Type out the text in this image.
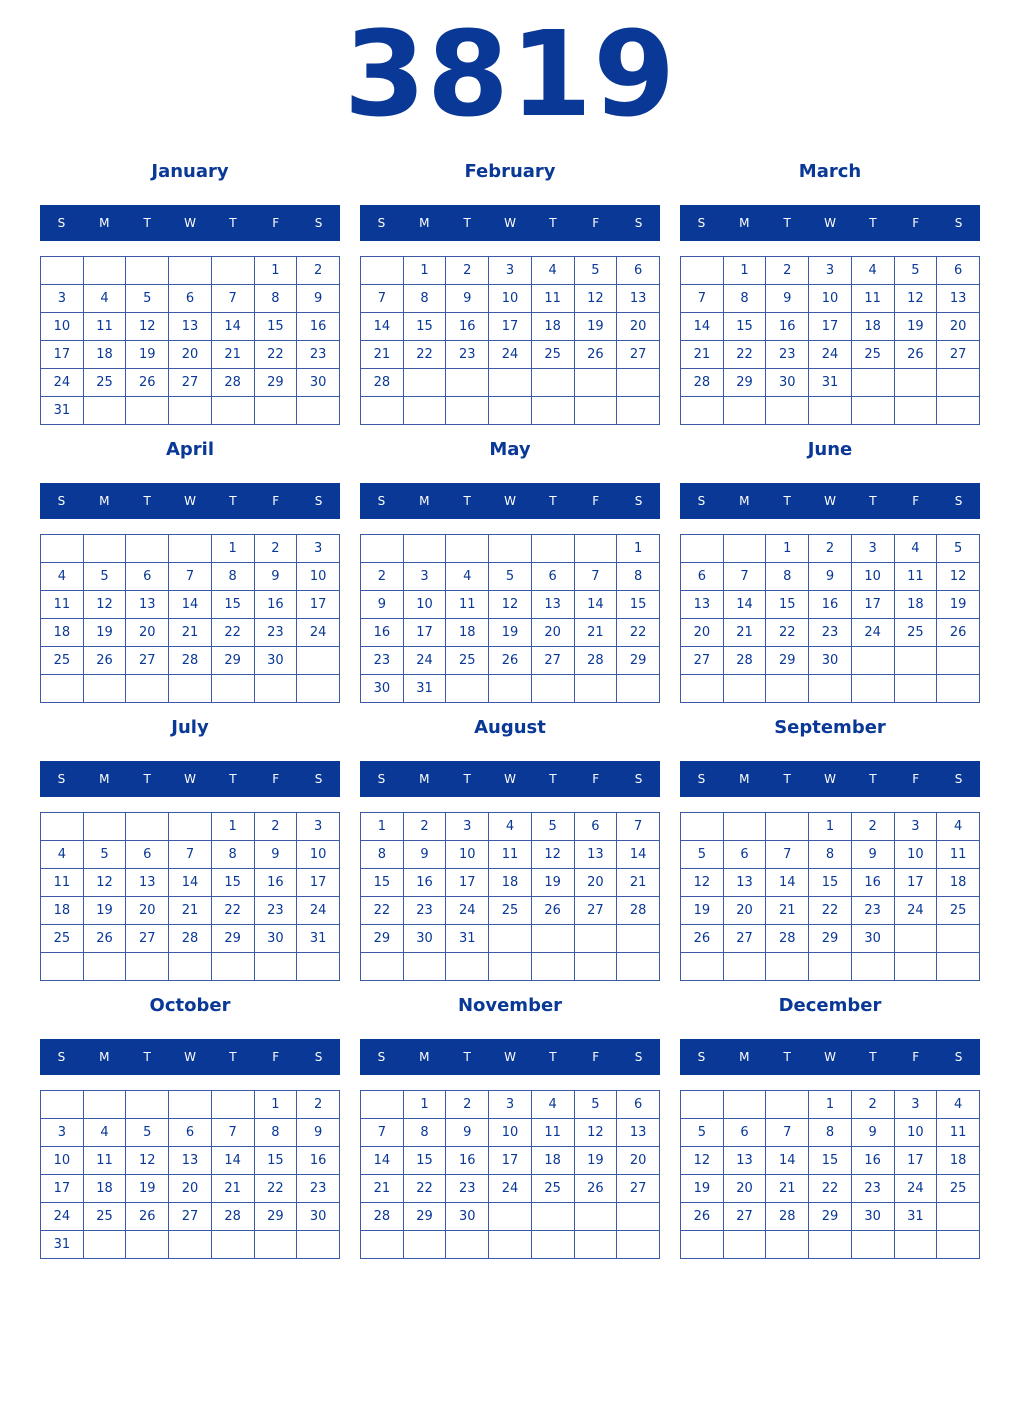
3819
January
S	M	T	W	T	F	S
					1	2
3	4	5	6	7	8	9
10	11	12	13	14	15	16
17	18	19	20	21	22	23
24	25	26	27	28	29	30
31						
February
S	M	T	W	T	F	S
	1	2	3	4	5	6
7	8	9	10	11	12	13
14	15	16	17	18	19	20
21	22	23	24	25	26	27
28						

March
S	M	T	W	T	F	S
	1	2	3	4	5	6
7	8	9	10	11	12	13
14	15	16	17	18	19	20
21	22	23	24	25	26	27
28	29	30	31			

April
S	M	T	W	T	F	S
				1	2	3
4	5	6	7	8	9	10
11	12	13	14	15	16	17
18	19	20	21	22	23	24
25	26	27	28	29	30	

May
S	M	T	W	T	F	S
						1
2	3	4	5	6	7	8
9	10	11	12	13	14	15
16	17	18	19	20	21	22
23	24	25	26	27	28	29
30	31					
June
S	M	T	W	T	F	S
		1	2	3	4	5
6	7	8	9	10	11	12
13	14	15	16	17	18	19
20	21	22	23	24	25	26
27	28	29	30			

July
S	M	T	W	T	F	S
				1	2	3
4	5	6	7	8	9	10
11	12	13	14	15	16	17
18	19	20	21	22	23	24
25	26	27	28	29	30	31

August
S	M	T	W	T	F	S
1	2	3	4	5	6	7
8	9	10	11	12	13	14
15	16	17	18	19	20	21
22	23	24	25	26	27	28
29	30	31				

September
S	M	T	W	T	F	S
			1	2	3	4
5	6	7	8	9	10	11
12	13	14	15	16	17	18
19	20	21	22	23	24	25
26	27	28	29	30		

October
S	M	T	W	T	F	S
					1	2
3	4	5	6	7	8	9
10	11	12	13	14	15	16
17	18	19	20	21	22	23
24	25	26	27	28	29	30
31						
November
S	M	T	W	T	F	S
	1	2	3	4	5	6
7	8	9	10	11	12	13
14	15	16	17	18	19	20
21	22	23	24	25	26	27
28	29	30				

December
S	M	T	W	T	F	S
			1	2	3	4
5	6	7	8	9	10	11
12	13	14	15	16	17	18
19	20	21	22	23	24	25
26	27	28	29	30	31	
